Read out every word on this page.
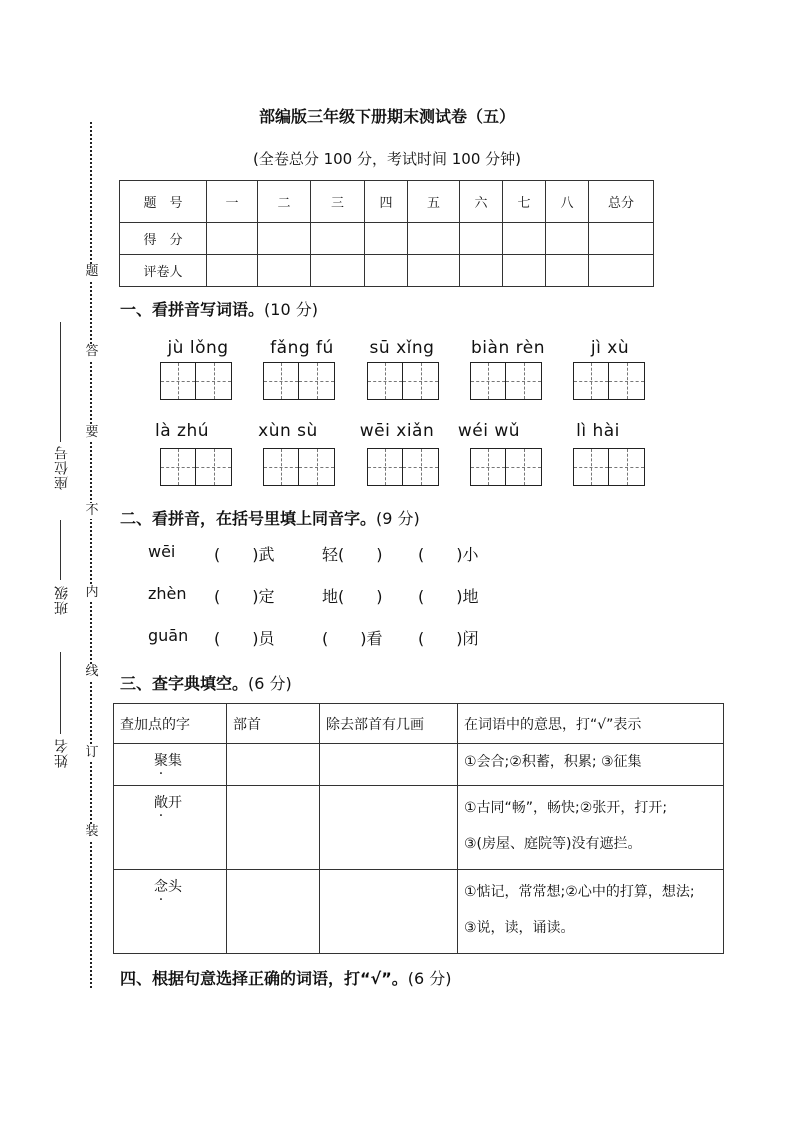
题
答
要
不
内
线
订
装
座位号
班级
姓名
部编版三年级下册期末测试卷（五）
(全卷总分 100 分，考试时间 100 分钟)
题　号	一	二	三	四	五	六	七	八	总分
得　分									
评卷人									
一、看拼音写词语。(10 分)
jù lǒng	fǎng fú	sū xǐng	biàn rèn	jì xù
là zhú	xùn sù	wēi xiǎn wéi wǔ	lì hài
二、看拼音，在括号里填上同音字。(9 分)
wēi (　　)武	轻(　　) (　　)小
zhèn (　　)定	地(　　) (　　)地
guān (　　)员	(　　)看 (　　)闭
三、查字典填空。(6 分)
查加点的字	部首	除去部首有几画	在词语中的意思，打“√”表示
聚集			①会合;②积蓄，积累; ③征集

敞开			①古同“畅”，畅快;②张开，打开;
③(房屋、庭院等)没有遮拦。

念头			①惦记，常常想;②心中的打算，想法;
③说，读，诵读。
四、根据句意选择正确的词语，打“√”。(6 分)
